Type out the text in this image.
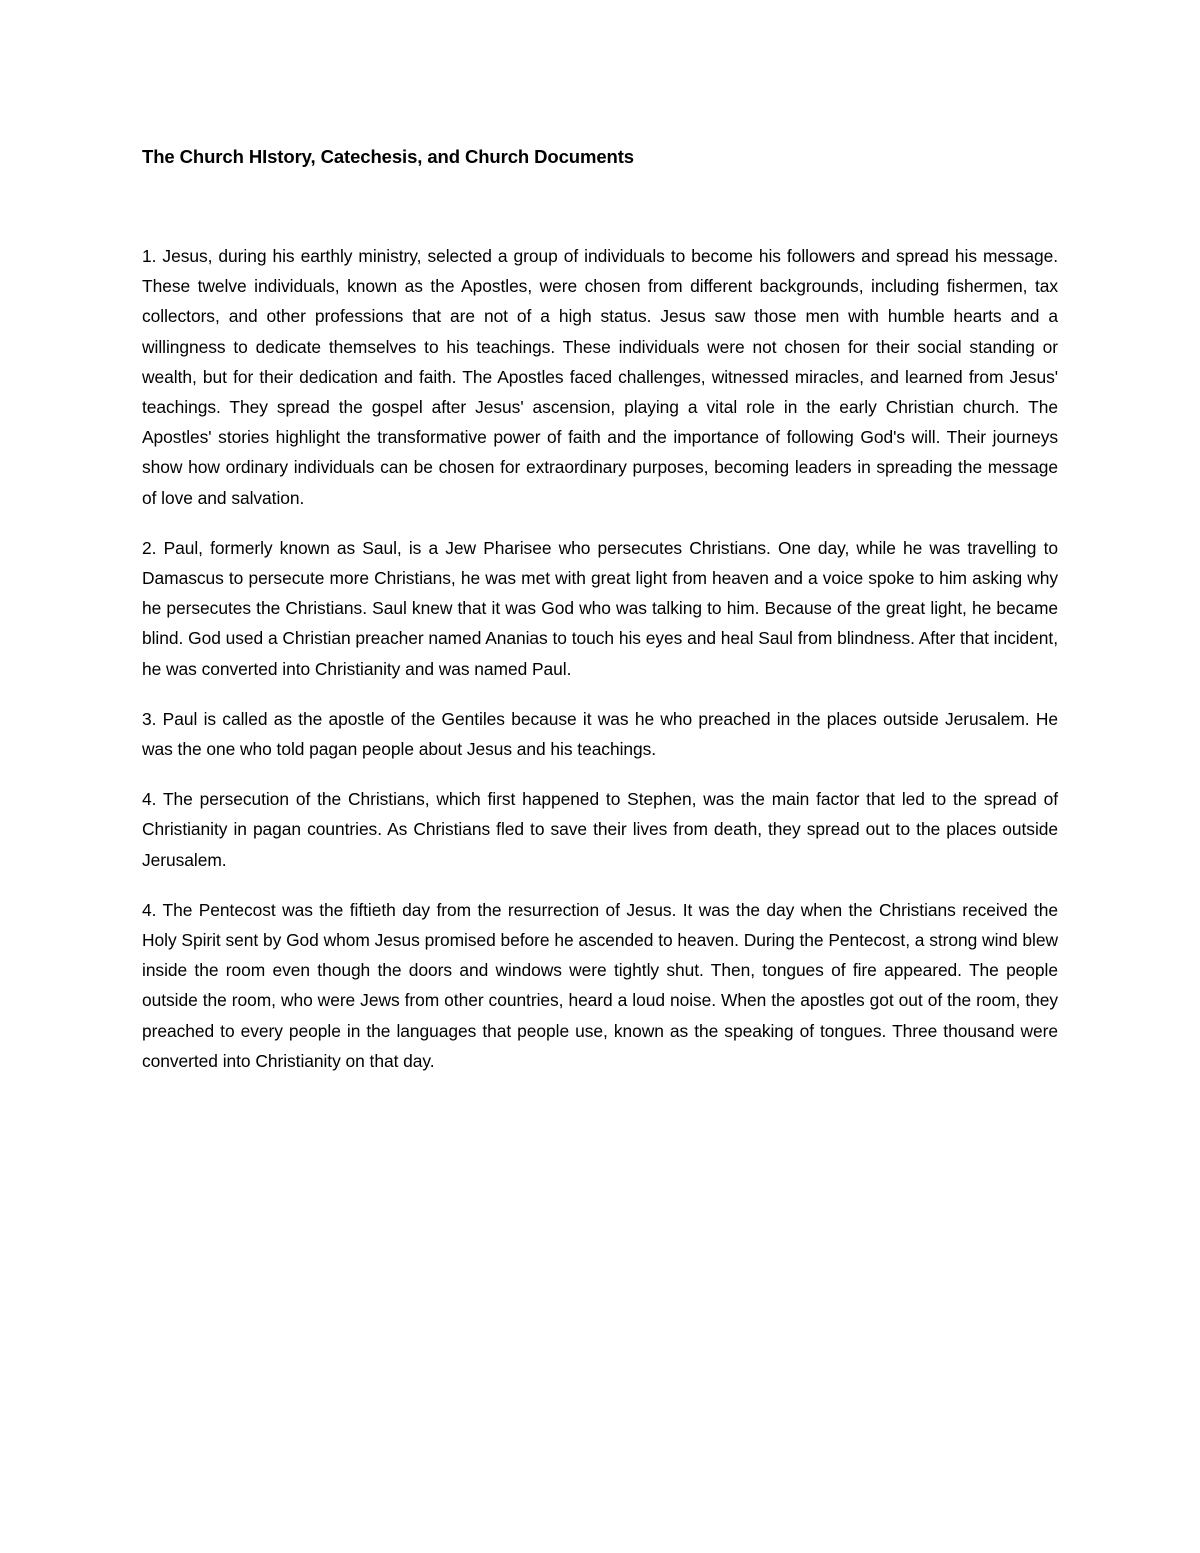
The Church HIstory, Catechesis, and Church Documents

1. Jesus, during his earthly ministry, selected a group of individuals to become his followers and spread his message. These twelve individuals, known as the Apostles, were chosen from different backgrounds, including fishermen, tax collectors, and other professions that are not of a high status. Jesus saw those men with humble hearts and a willingness to dedicate themselves to his teachings. These individuals were not chosen for their social standing or wealth, but for their dedication and faith. The Apostles faced challenges, witnessed miracles, and learned from Jesus' teachings. They spread the gospel after Jesus' ascension, playing a vital role in the early Christian church. The Apostles' stories highlight the transformative power of faith and the importance of following God's will. Their journeys show how ordinary individuals can be chosen for extraordinary purposes, becoming leaders in spreading the message of love and salvation.

2. Paul, formerly known as Saul, is a Jew Pharisee who persecutes Christians. One day, while he was travelling to Damascus to persecute more Christians, he was met with great light from heaven and a voice spoke to him asking why he persecutes the Christians. Saul knew that it was God who was talking to him. Because of the great light, he became blind. God used a Christian preacher named Ananias to touch his eyes and heal Saul from blindness. After that incident, he was converted into Christianity and was named Paul.

3. Paul is called as the apostle of the Gentiles because it was he who preached in the places outside Jerusalem. He was the one who told pagan people about Jesus and his teachings.

4. The persecution of the Christians, which first happened to Stephen, was the main factor that led to the spread of Christianity in pagan countries. As Christians fled to save their lives from death, they spread out to the places outside Jerusalem.

4. The Pentecost was the fiftieth day from the resurrection of Jesus. It was the day when the Christians received the Holy Spirit sent by God whom Jesus promised before he ascended to heaven. During the Pentecost, a strong wind blew inside the room even though the doors and windows were tightly shut. Then, tongues of fire appeared. The people outside the room, who were Jews from other countries, heard a loud noise. When the apostles got out of the room, they preached to every people in the languages that people use, known as the speaking of tongues. Three thousand were converted into Christianity on that day.
